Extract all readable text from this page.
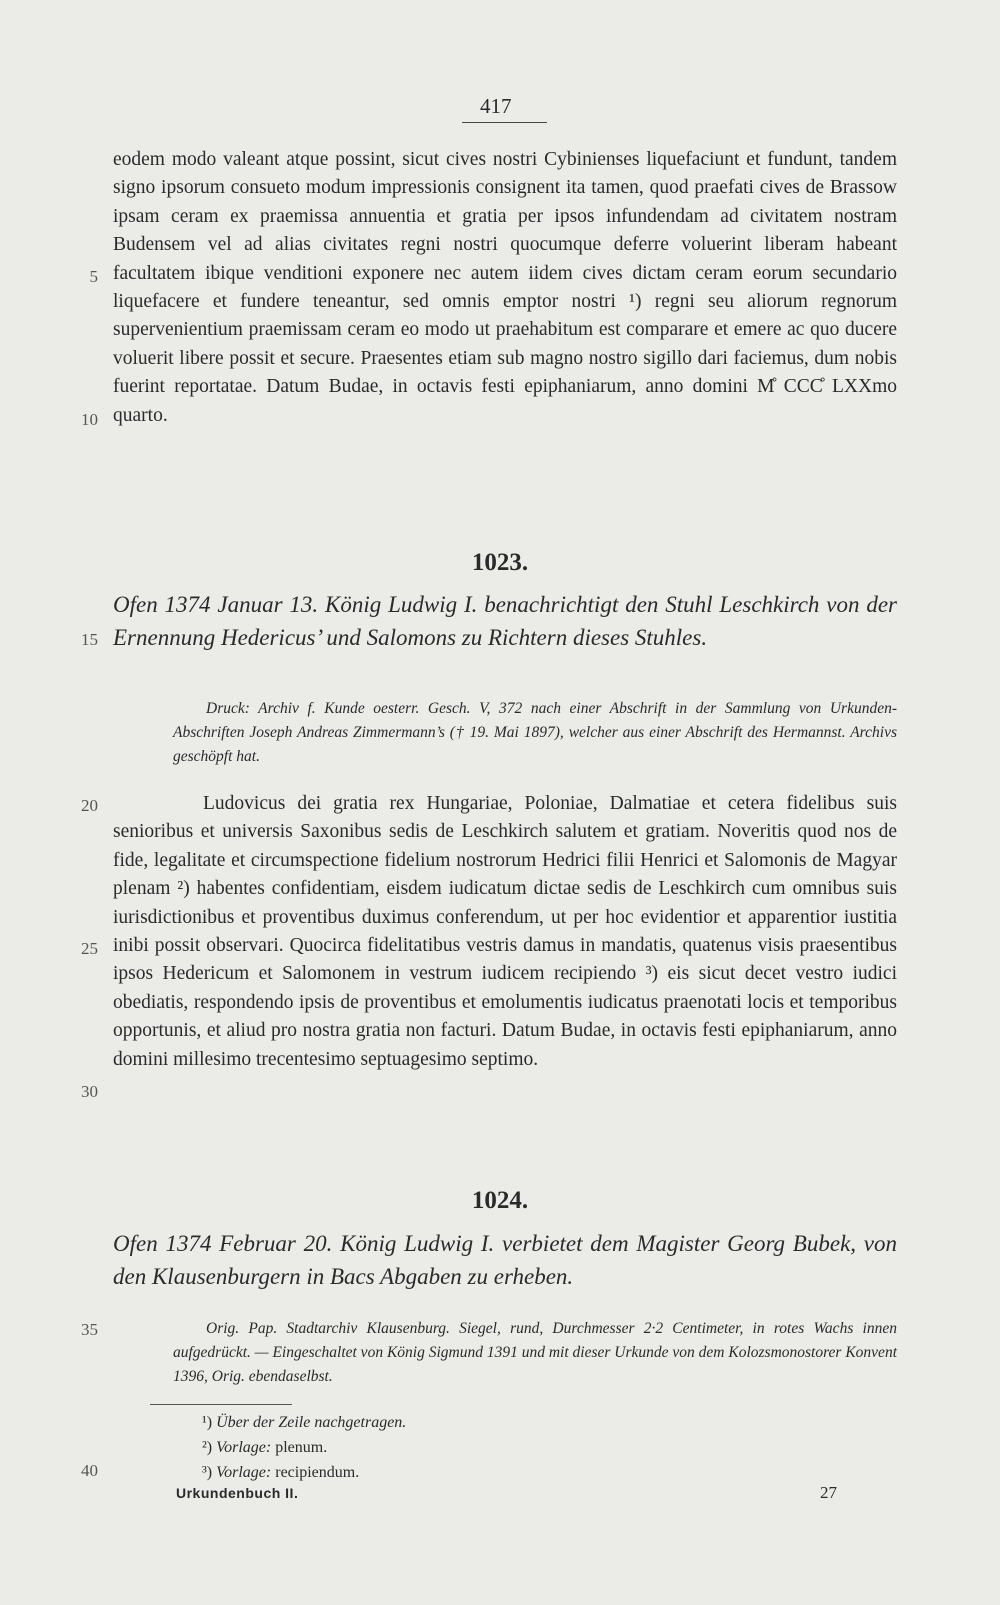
417

eodem modo valeant atque possint, sicut cives nostri Cybinienses liquefaciunt et fundunt, tandem signo ipsorum consueto modum impressionis consignent ita tamen, quod praefati cives de Brassow ipsam ceram ex praemissa annuentia et gratia per ipsos infundendam ad civitatem nostram Budensem vel ad alias civitates regni nostri quocumque deferre voluerint liberam habeant facultatem ibique venditioni exponere nec autem iidem cives dictam ceram eorum secundario liquefacere et fundere teneantur, sed omnis emptor nostri ¹) regni seu aliorum regnorum supervenientium praemissam ceram eo modo ut praehabitum est comparare et emere ac quo ducere voluerit libere possit et secure. Praesentes etiam sub magno nostro sigillo dari faciemus, dum nobis fuerint reportatae. Datum Budae, in octavis festi epiphaniarum, anno domini M̊ CCC̊ LXXmo quarto.

1023.
Ofen 1374 Januar 13. König Ludwig I. benachrichtigt den Stuhl Leschkirch von der Ernennung Hedericus’ und Salomons zu Richtern dieses Stuhles.
Druck: Archiv f. Kunde oesterr. Gesch. V, 372 nach einer Abschrift in der Sammlung von Urkunden-Abschriften Joseph Andreas Zimmermann’s († 19. Mai 1897), welcher aus einer Abschrift des Hermannst. Archivs geschöpft hat.

Ludovicus dei gratia rex Hungariae, Poloniae, Dalmatiae et cetera fidelibus suis senioribus et universis Saxonibus sedis de Leschkirch salutem et gratiam. Noveritis quod nos de fide, legalitate et circumspectione fidelium nostrorum Hedrici filii Henrici et Salomonis de Magyar plenam ²) habentes confidentiam, eisdem iudicatum dictae sedis de Leschkirch cum omnibus suis iurisdictionibus et proventibus duximus conferendum, ut per hoc evidentior et apparentior iustitia inibi possit observari. Quocirca fidelitatibus vestris damus in mandatis, quatenus visis praesentibus ipsos Hedericum et Salomonem in vestrum iudicem recipiendo ³) eis sicut decet vestro iudici obediatis, respondendo ipsis de proventibus et emolumentis iudicatus praenotati locis et temporibus opportunis, et aliud pro nostra gratia non facturi. Datum Budae, in octavis festi epiphaniarum, anno domini millesimo trecentesimo septuagesimo septimo.

1024.
Ofen 1374 Februar 20. König Ludwig I. verbietet dem Magister Georg Bubek, von den Klausenburgern in Bacs Abgaben zu erheben.
Orig. Pap. Stadtarchiv Klausenburg. Siegel, rund, Durchmesser 2·2 Centimeter, in rotes Wachs innen aufgedrückt. — Eingeschaltet von König Sigmund 1391 und mit dieser Urkunde von dem Kolozsmonostorer Konvent 1396, Orig. ebendaselbst.
5
10
15
20
25
30
35
40
¹) Über der Zeile nachgetragen.
²) Vorlage: plenum.
³) Vorlage: recipiendum.
Urkundenbuch II.	27
